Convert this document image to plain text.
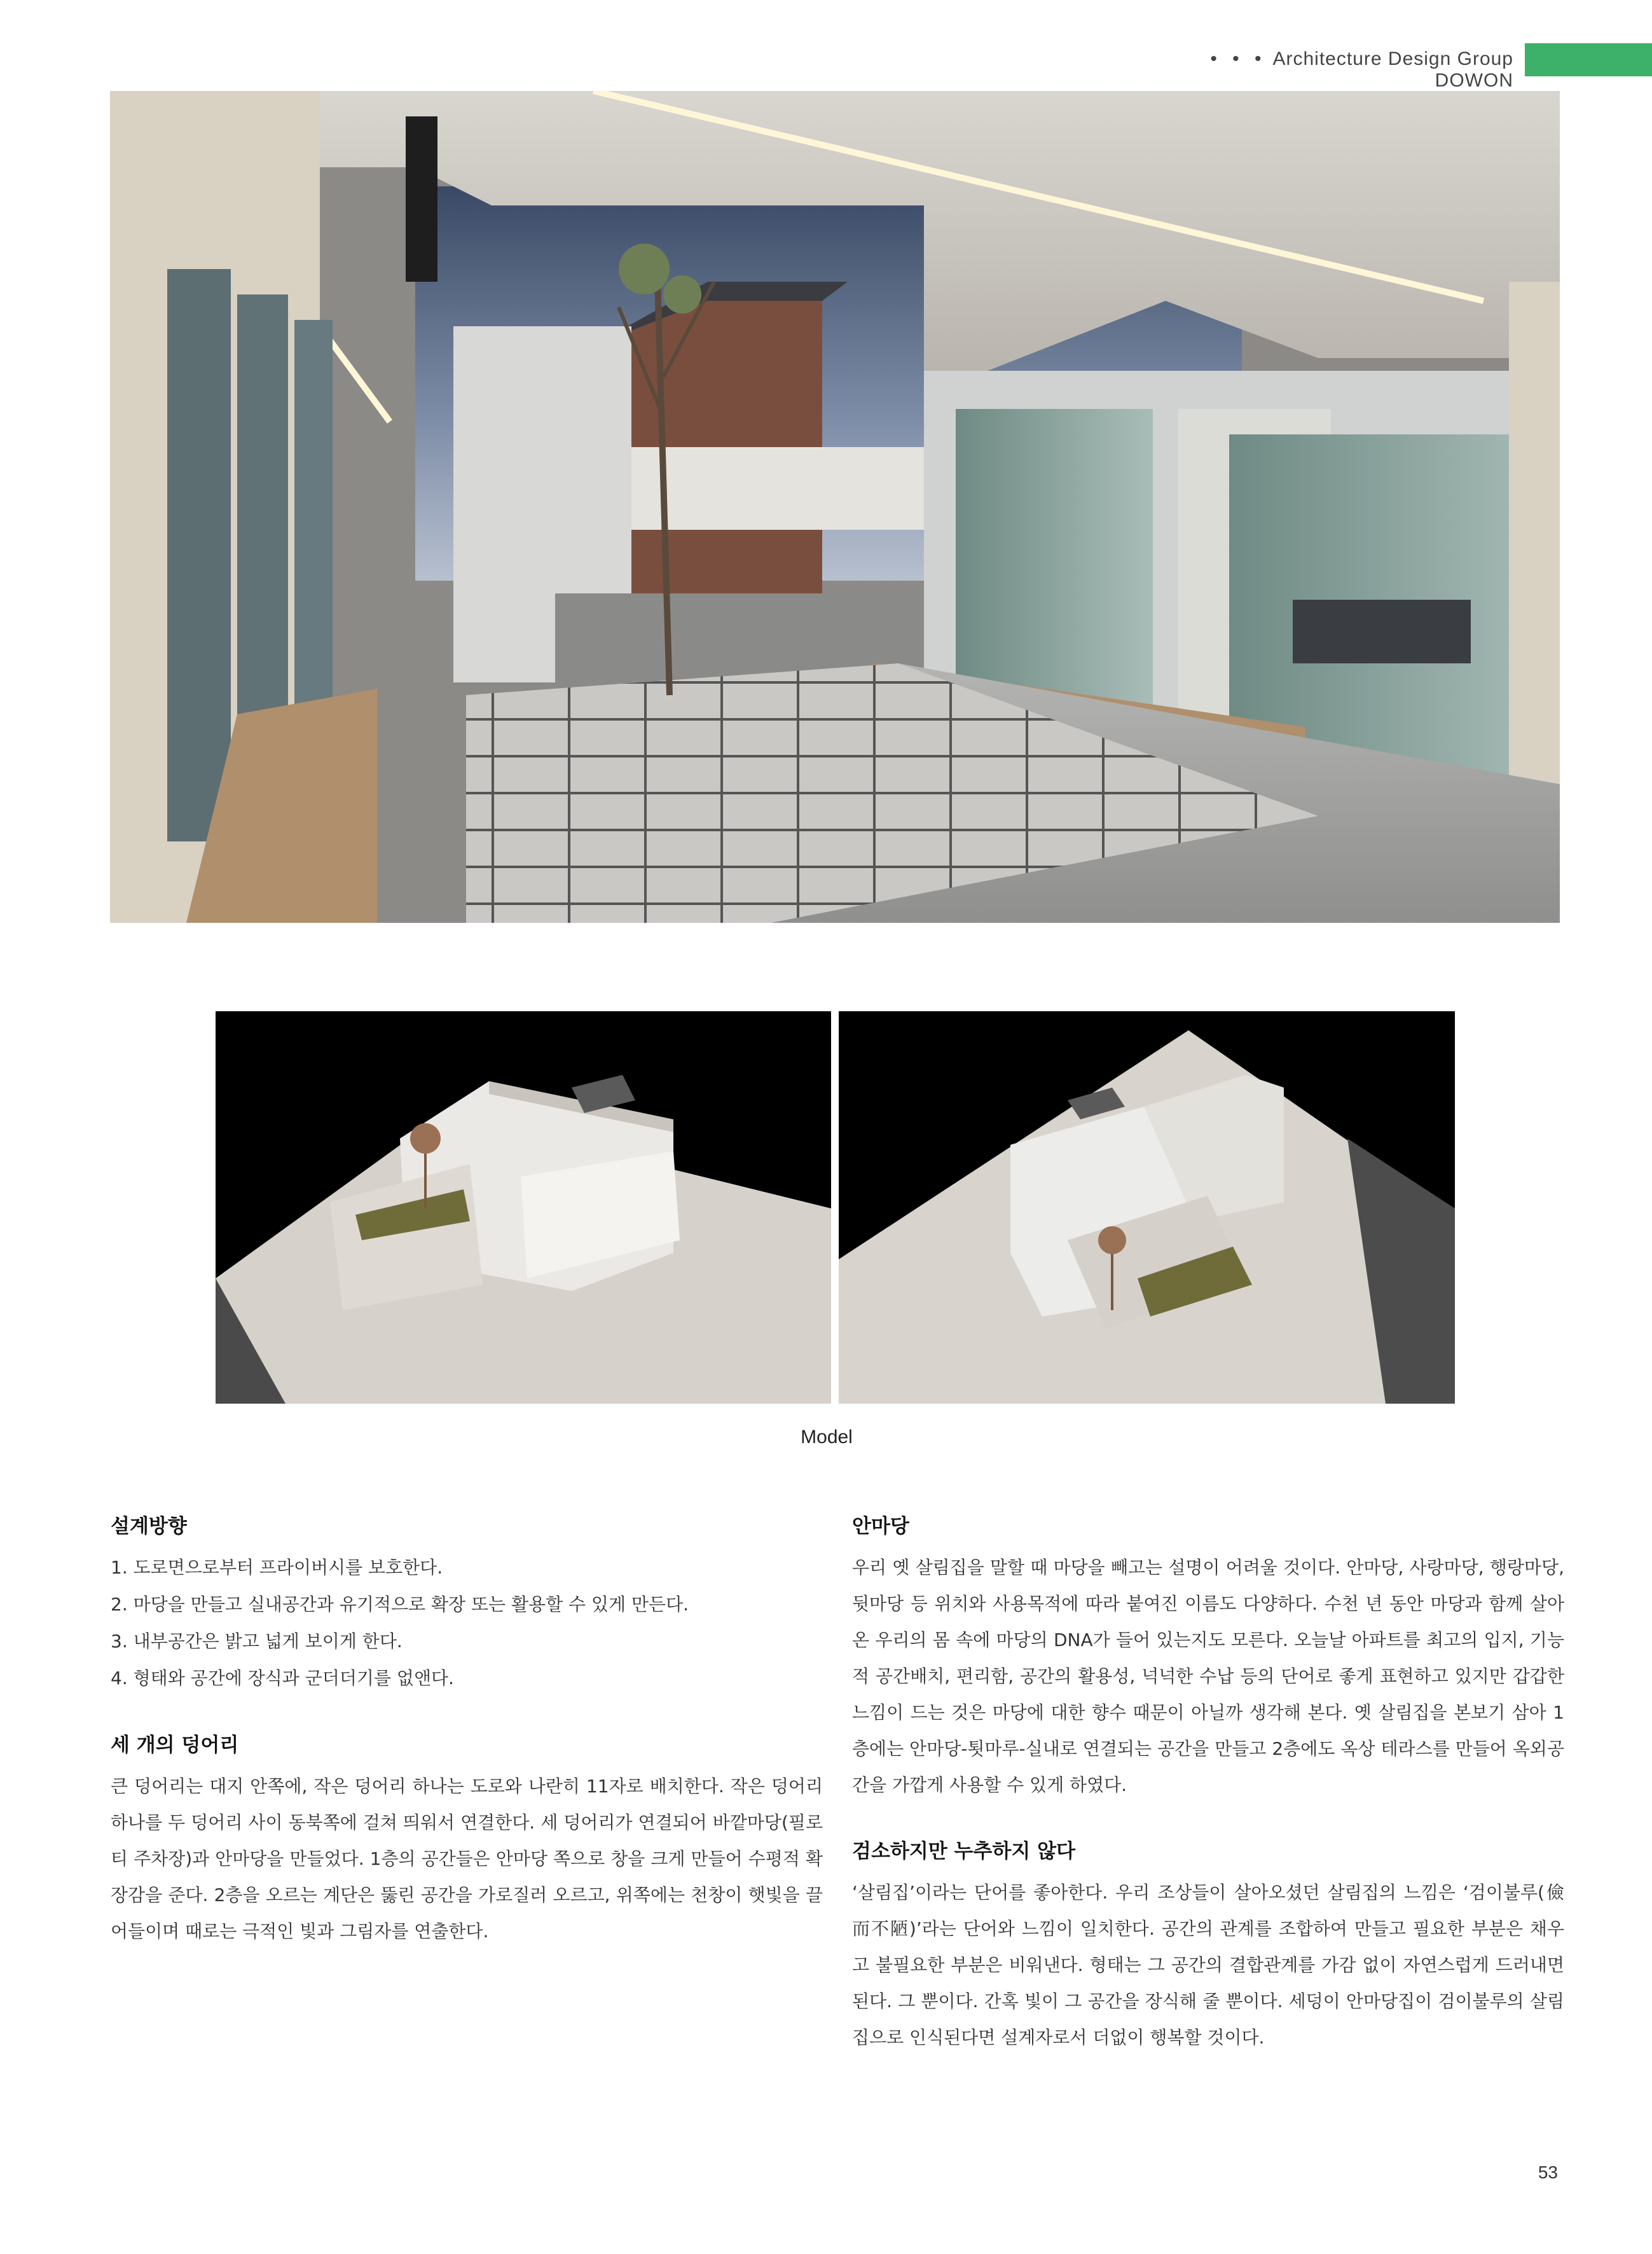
• • • Architecture Design Group DOWON
Model
설계방향
1. 도로면으로부터 프라이버시를 보호한다.
2. 마당을 만들고 실내공간과 유기적으로 확장 또는 활용할 수 있게 만든다.
3. 내부공간은 밝고 넓게 보이게 한다.
4. 형태와 공간에 장식과 군더더기를 없앤다.
세 개의 덩어리

큰 덩어리는 대지 안쪽에, 작은 덩어리 하나는 도로와 나란히 11자로 배치한다. 작은 덩어리 하나를 두 덩어리 사이 동북쪽에 걸쳐 띄워서 연결한다. 세 덩어리가 연결되어 바깥마당(필로티 주차장)과 안마당을 만들었다. 1층의 공간들은 안마당 쪽으로 창을 크게 만들어 수평적 확장감을 준다. 2층을 오르는 계단은 뚫린 공간을 가로질러 오르고, 위쪽에는 천창이 햇빛을 끌어들이며 때로는 극적인 빛과 그림자를 연출한다.

안마당

우리 옛 살림집을 말할 때 마당을 빼고는 설명이 어려울 것이다. 안마당, 사랑마당, 행랑마당, 뒷마당 등 위치와 사용목적에 따라 붙여진 이름도 다양하다. 수천 년 동안 마당과 함께 살아온 우리의 몸 속에 마당의 DNA가 들어 있는지도 모른다. 오늘날 아파트를 최고의 입지, 기능적 공간배치, 편리함, 공간의 활용성, 넉넉한 수납 등의 단어로 좋게 표현하고 있지만 갑갑한 느낌이 드는 것은 마당에 대한 향수 때문이 아닐까 생각해 본다. 옛 살림집을 본보기 삼아 1층에는 안마당-툇마루-실내로 연결되는 공간을 만들고 2층에도 옥상 테라스를 만들어 옥외공간을 가깝게 사용할 수 있게 하였다.

검소하지만 누추하지 않다

‘살림집’이라는 단어를 좋아한다. 우리 조상들이 살아오셨던 살림집의 느낌은 ‘검이불루(儉而不陋)’라는 단어와 느낌이 일치한다. 공간의 관계를 조합하여 만들고 필요한 부분은 채우고 불필요한 부분은 비워낸다. 형태는 그 공간의 결합관계를 가감 없이 자연스럽게 드러내면 된다. 그 뿐이다. 간혹 빛이 그 공간을 장식해 줄 뿐이다. 세덩이 안마당집이 검이불루의 살림집으로 인식된다면 설계자로서 더없이 행복할 것이다.

53
